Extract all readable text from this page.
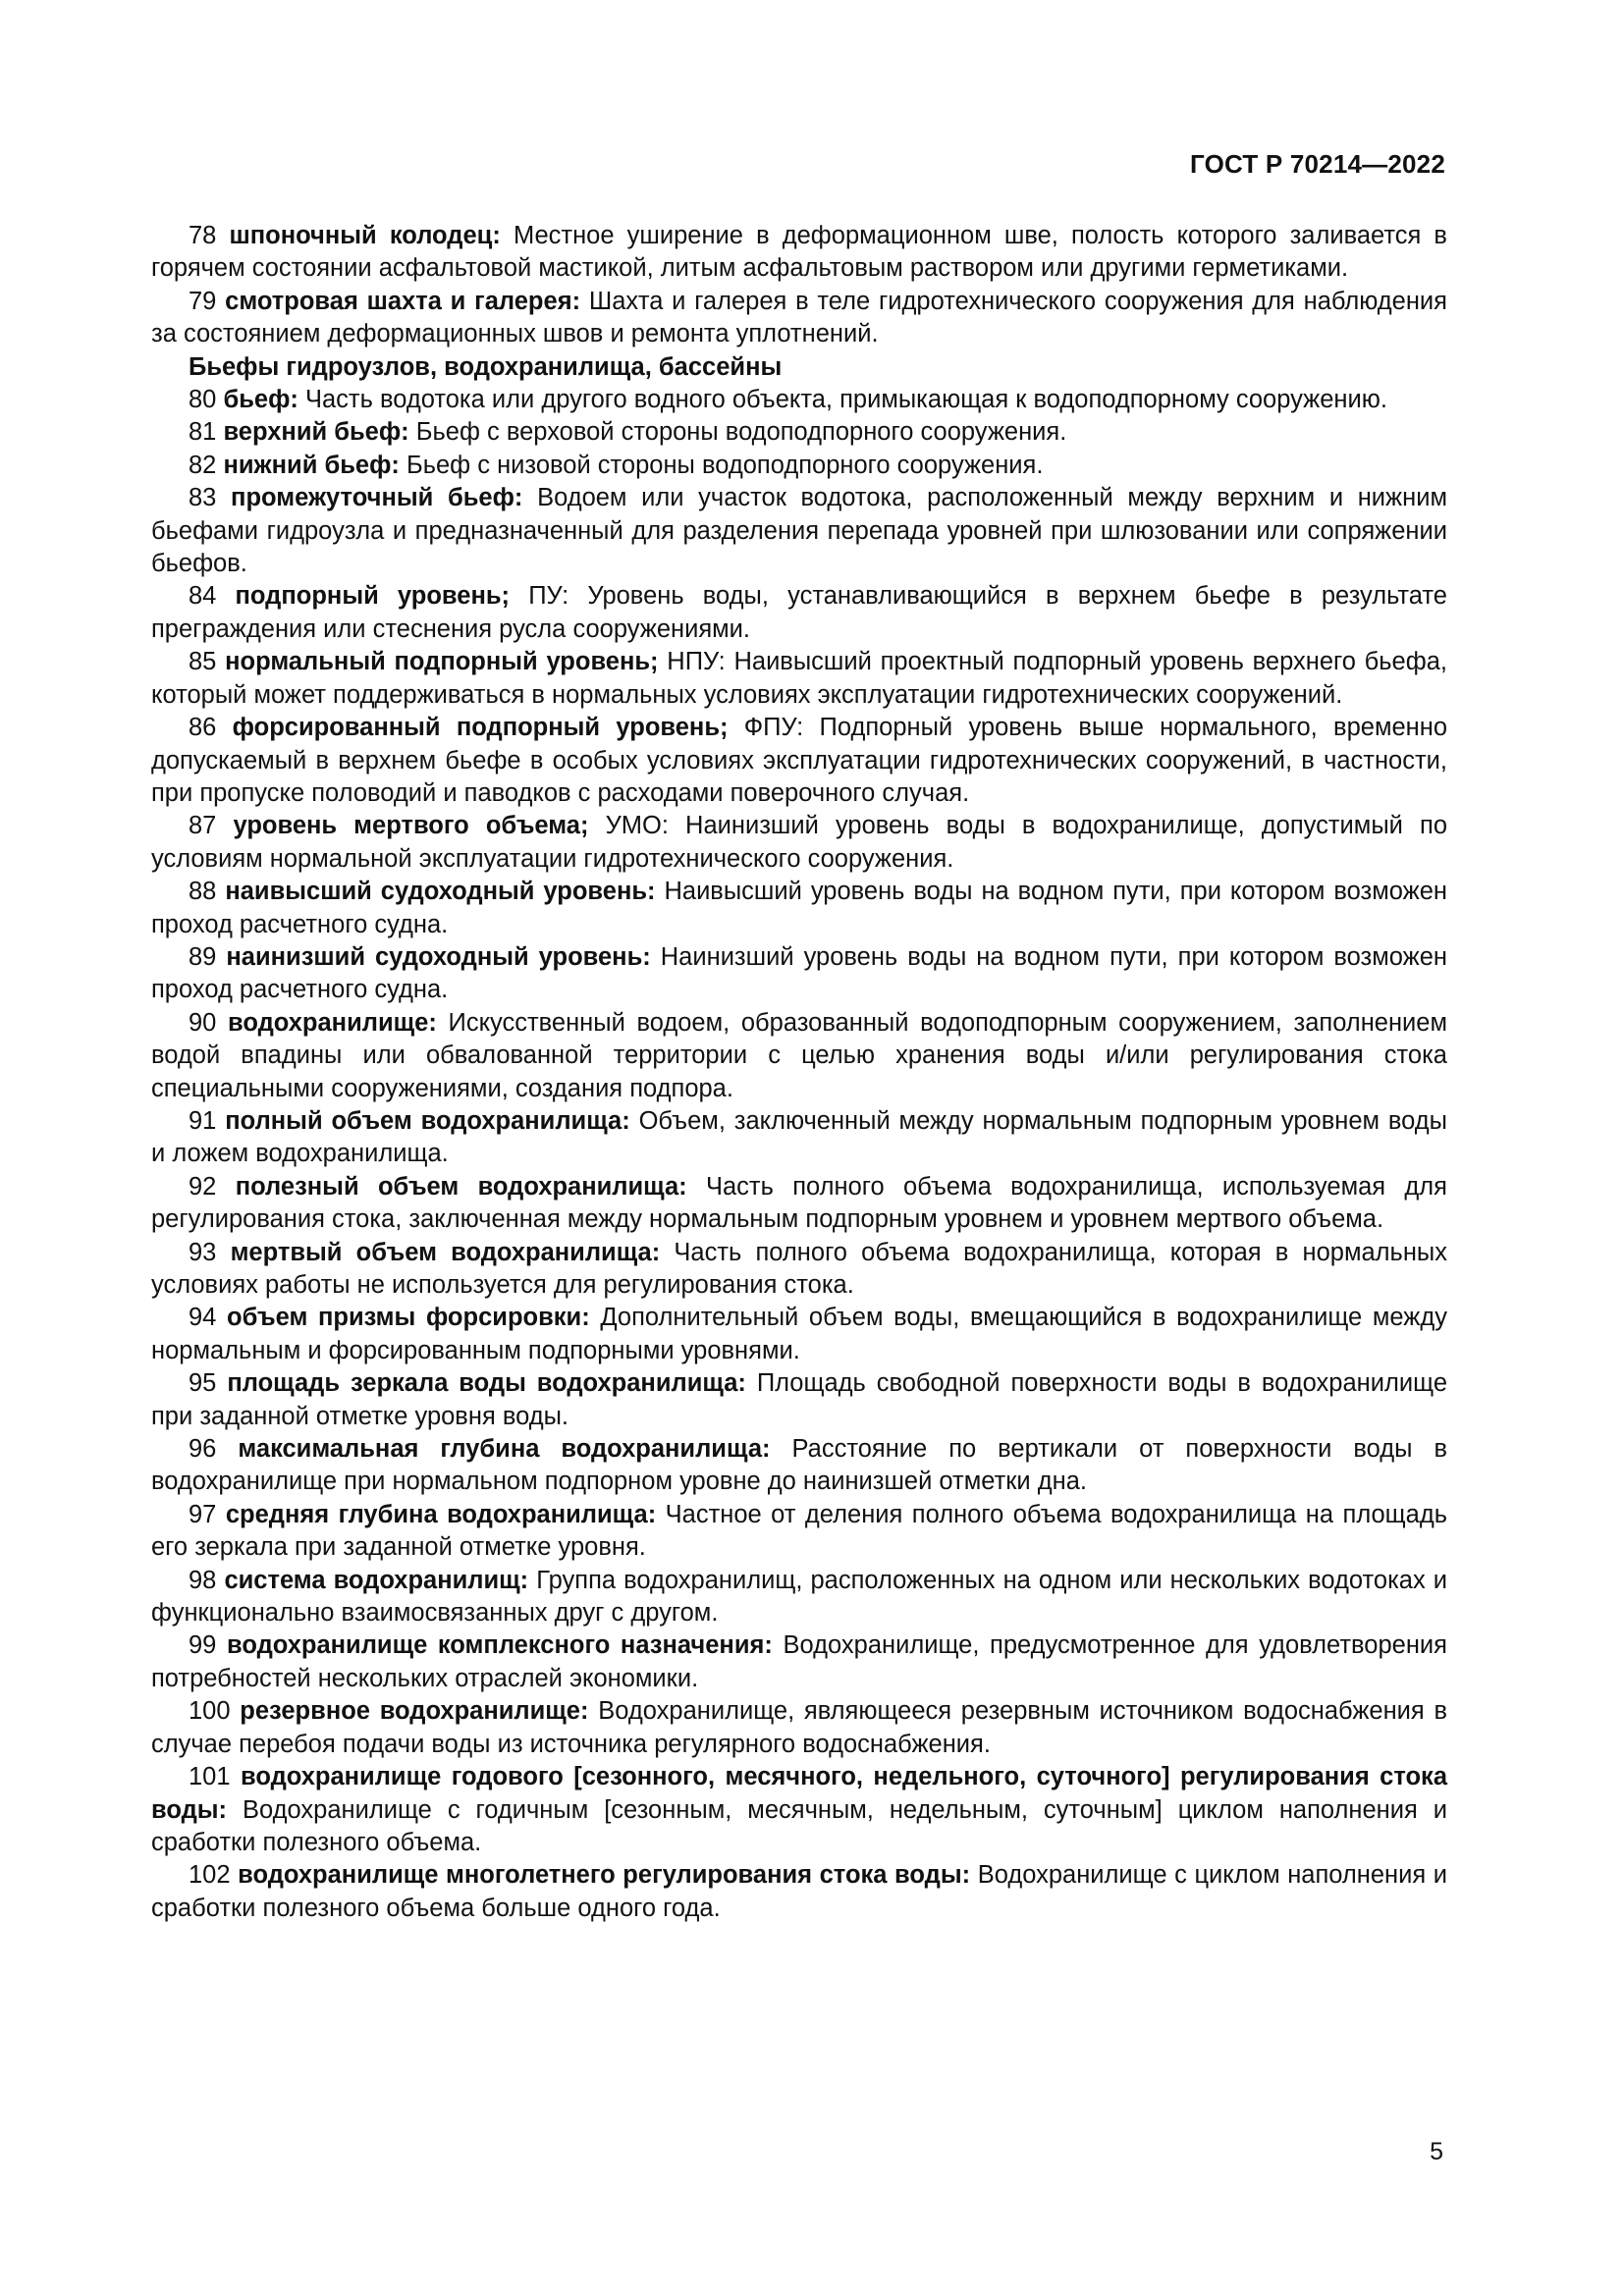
ГОСТ Р 70214—2022

78 шпоночный колодец: Местное уширение в деформационном шве, полость которого заливается в горячем состоянии асфальтовой мастикой, литым асфальтовым раствором или другими герметиками.

79 смотровая шахта и галерея: Шахта и галерея в теле гидротехнического сооружения для наблюдения за состоянием деформационных швов и ремонта уплотнений.

Бьефы гидроузлов, водохранилища, бассейны

80 бьеф: Часть водотока или другого водного объекта, примыкающая к водоподпорному сооружению.

81 верхний бьеф: Бьеф с верховой стороны водоподпорного сооружения.

82 нижний бьеф: Бьеф с низовой стороны водоподпорного сооружения.

83 промежуточный бьеф: Водоем или участок водотока, расположенный между верхним и нижним бьефами гидроузла и предназначенный для разделения перепада уровней при шлюзовании или сопряжении бьефов.

84 подпорный уровень; ПУ: Уровень воды, устанавливающийся в верхнем бьефе в результате преграждения или стеснения русла сооружениями.

85 нормальный подпорный уровень; НПУ: Наивысший проектный подпорный уровень верхнего бьефа, который может поддерживаться в нормальных условиях эксплуатации гидротехнических сооружений.

86 форсированный подпорный уровень; ФПУ: Подпорный уровень выше нормального, временно допускаемый в верхнем бьефе в особых условиях эксплуатации гидротехнических сооружений, в частности, при пропуске половодий и паводков с расходами поверочного случая.

87 уровень мертвого объема; УМО: Наинизший уровень воды в водохранилище, допустимый по условиям нормальной эксплуатации гидротехнического сооружения.

88 наивысший судоходный уровень: Наивысший уровень воды на водном пути, при котором возможен проход расчетного судна.

89 наинизший судоходный уровень: Наинизший уровень воды на водном пути, при котором возможен проход расчетного судна.

90 водохранилище: Искусственный водоем, образованный водоподпорным сооружением, заполнением водой впадины или обвалованной территории с целью хранения воды и/или регулирования стока специальными сооружениями, создания подпора.

91 полный объем водохранилища: Объем, заключенный между нормальным подпорным уровнем воды и ложем водохранилища.

92 полезный объем водохранилища: Часть полного объема водохранилища, используемая для регулирования стока, заключенная между нормальным подпорным уровнем и уровнем мертвого объема.

93 мертвый объем водохранилища: Часть полного объема водохранилища, которая в нормальных условиях работы не используется для регулирования стока.

94 объем призмы форсировки: Дополнительный объем воды, вмещающийся в водохранилище между нормальным и форсированным подпорными уровнями.

95 площадь зеркала воды водохранилища: Площадь свободной поверхности воды в водохранилище при заданной отметке уровня воды.

96 максимальная глубина водохранилища: Расстояние по вертикали от поверхности воды в водохранилище при нормальном подпорном уровне до наинизшей отметки дна.

97 средняя глубина водохранилища: Частное от деления полного объема водохранилища на площадь его зеркала при заданной отметке уровня.

98 система водохранилищ: Группа водохранилищ, расположенных на одном или нескольких водотоках и функционально взаимосвязанных друг с другом.

99 водохранилище комплексного назначения: Водохранилище, предусмотренное для удовлетворения потребностей нескольких отраслей экономики.

100 резервное водохранилище: Водохранилище, являющееся резервным источником водоснабжения в случае перебоя подачи воды из источника регулярного водоснабжения.

101 водохранилище годового [сезонного, месячного, недельного, суточного] регулирования стока воды: Водохранилище с годичным [сезонным, месячным, недельным, суточным] циклом наполнения и сработки полезного объема.

102 водохранилище многолетнего регулирования стока воды: Водохранилище с циклом наполнения и сработки полезного объема больше одного года.

5
